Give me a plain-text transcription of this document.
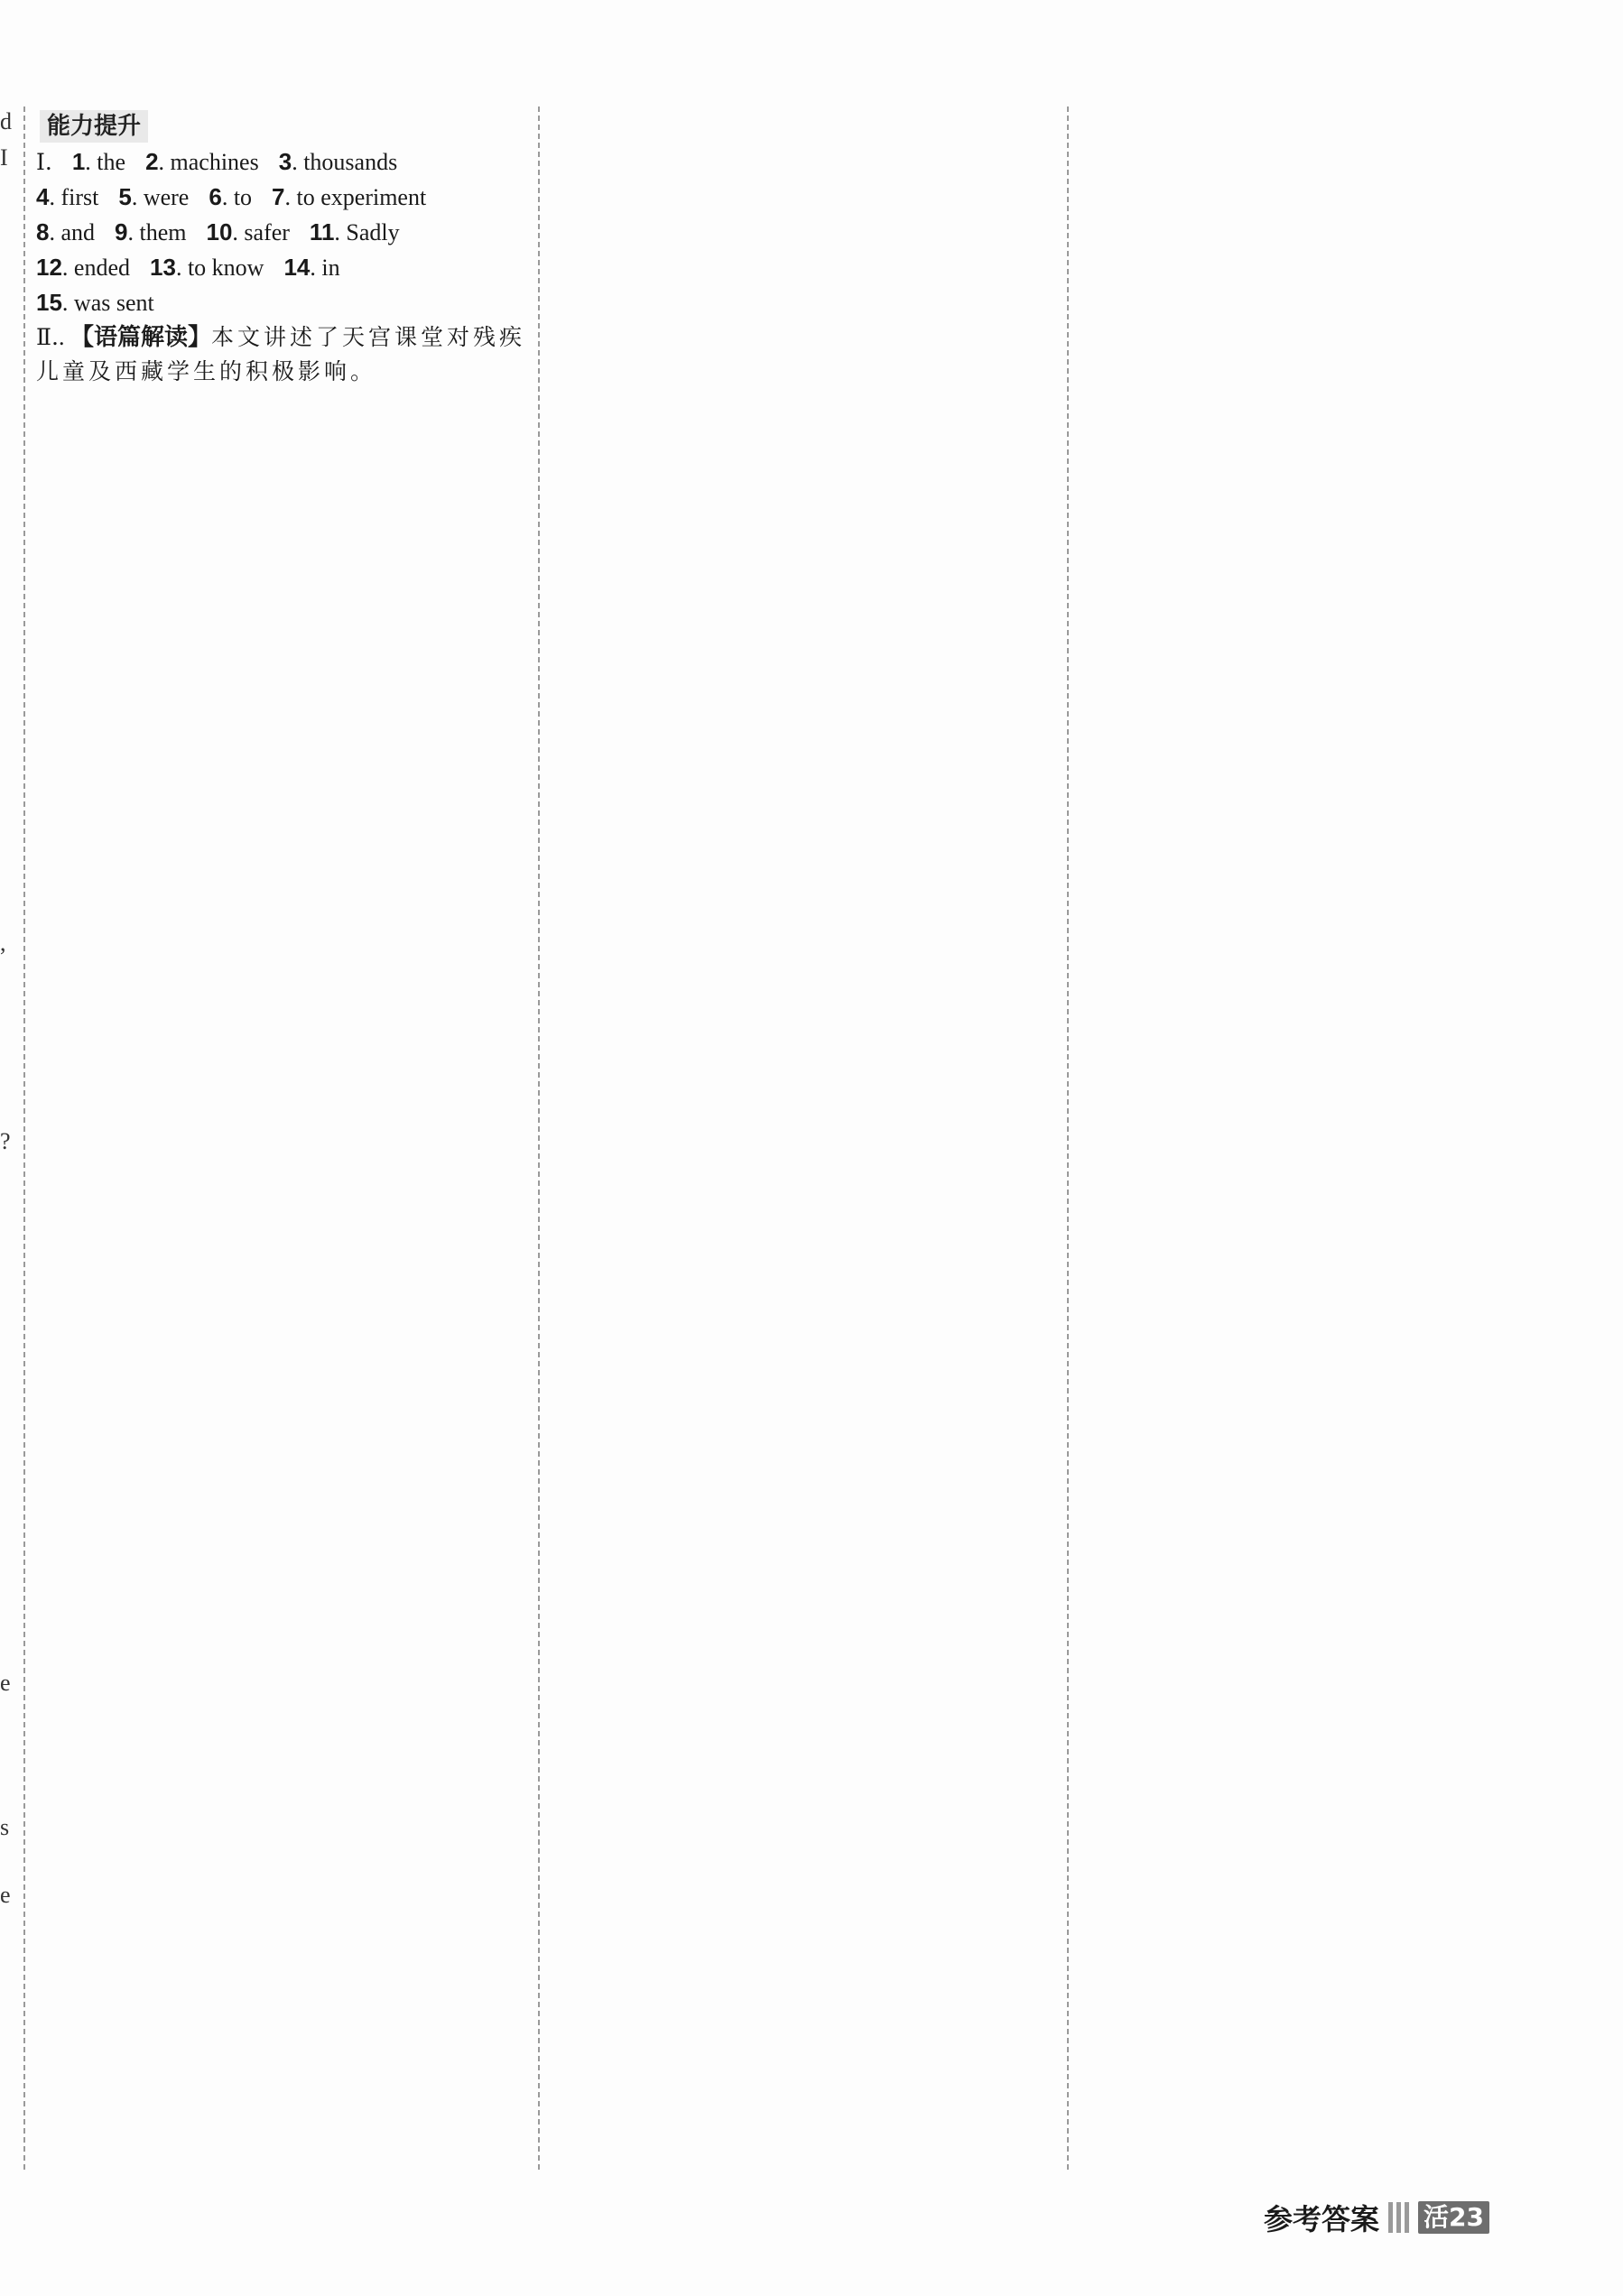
d
I
,
?
e
s
e
能力提升
Ⅰ. 1. the 2. machines 3. thousands
4. first 5. were 6. to 7. to experiment
8. and 9. them 10. safer 11. Sadly
12. ended 13. to know 14. in
15. was sent
Ⅱ.. 【语篇解读】本文讲述了天宫课堂对残疾儿童及西藏学生的积极影响。
参考答案 活23
